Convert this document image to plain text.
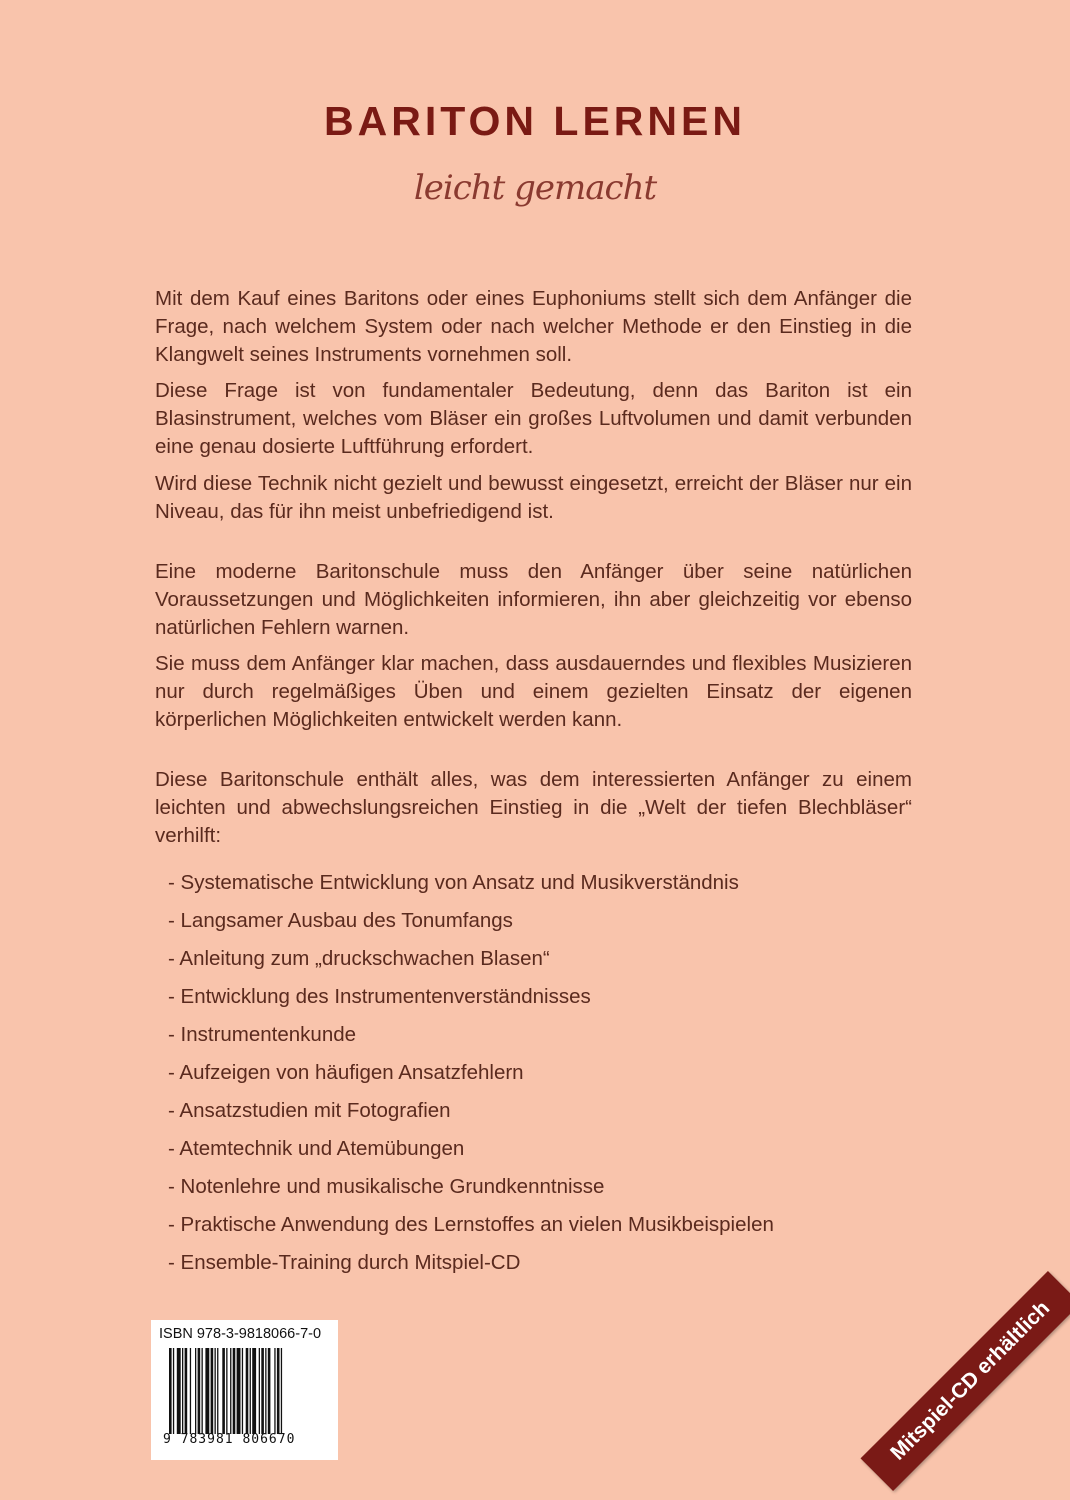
BARITON LERNEN
leicht gemacht

Mit dem Kauf eines Baritons oder eines Euphoniums stellt sich dem Anfänger die Frage, nach welchem System oder nach welcher Methode er den Einstieg in die Klangwelt seines Instruments vornehmen soll.

Diese Frage ist von fundamentaler Bedeutung, denn das Bariton ist ein Blasinstrument, welches vom Bläser ein großes Luftvolumen und damit verbunden eine genau dosierte Luftführung erfordert.

Wird diese Technik nicht gezielt und bewusst eingesetzt, erreicht der Bläser nur ein Niveau, das für ihn meist unbefriedigend ist.

Eine moderne Baritonschule muss den Anfänger über seine natürlichen Voraussetzungen und Möglichkeiten informieren, ihn aber gleichzeitig vor ebenso natürlichen Fehlern warnen.

Sie muss dem Anfänger klar machen, dass ausdauerndes und flexibles Musizieren nur durch regelmäßiges Üben und einem gezielten Einsatz der eigenen körperlichen Möglichkeiten entwickelt werden kann.

Diese Baritonschule enthält alles, was dem interessierten Anfänger zu einem leichten und abwechslungsreichen Einstieg in die „Welt der tiefen Blechbläser“ verhilft:

- Systematische Entwicklung von Ansatz und Musikverständnis
- Langsamer Ausbau des Tonumfangs
- Anleitung zum „druckschwachen Blasen“
- Entwicklung des Instrumentenverständnisses
- Instrumentenkunde
- Aufzeigen von häufigen Ansatzfehlern
- Ansatzstudien mit Fotografien
- Atemtechnik und Atemübungen
- Notenlehre und musikalische Grundkenntnisse
- Praktische Anwendung des Lernstoffes an vielen Musikbeispielen
- Ensemble-Training durch Mitspiel-CD
ISBN 978-3-9818066-7-0
9 783981 806670	Mitspiel-CD erhältlich
